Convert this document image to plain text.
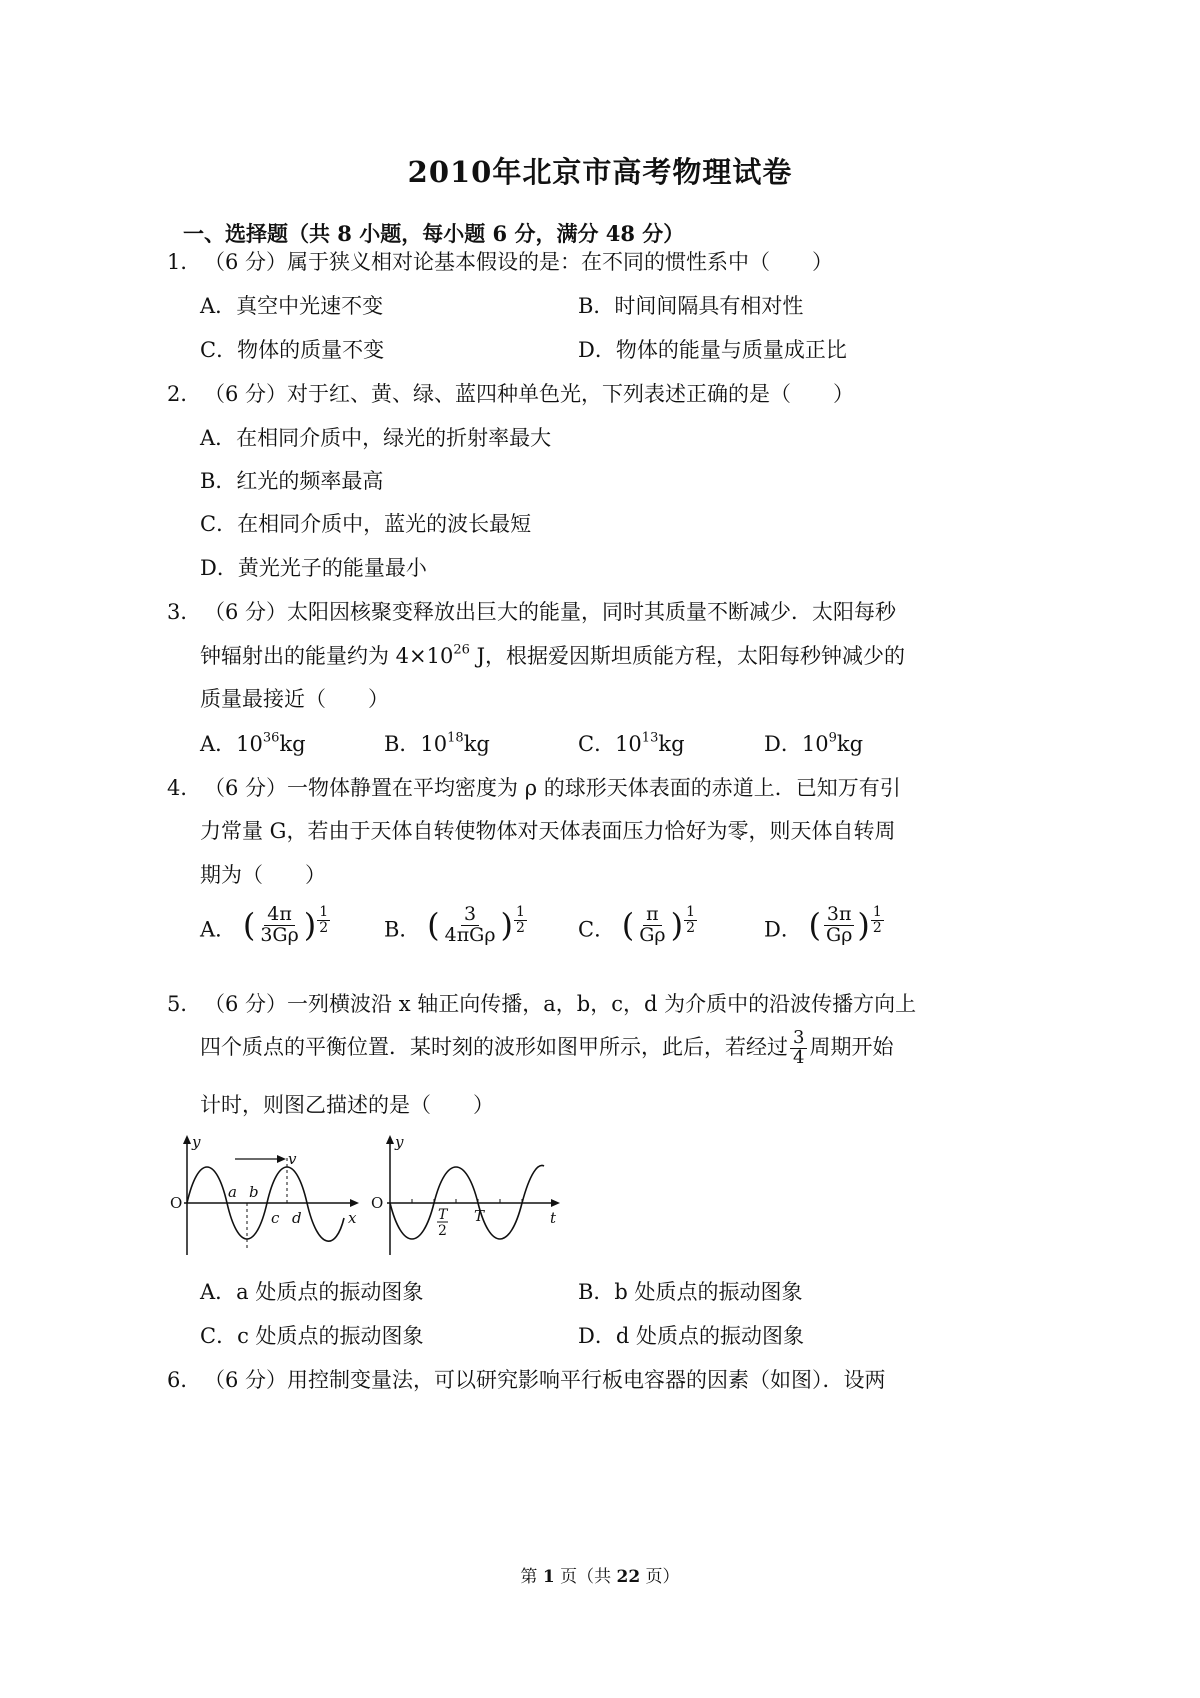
2010年北京市高考物理试卷
一、选择题（共 8 小题，每小题 6 分，满分 48 分）
1． （6 分）属于狭义相对论基本假设的是：在不同的惯性系中（　　）
A．真空中光速不变	B．时间间隔具有相对性
C．物体的质量不变	D．物体的能量与质量成正比
2． （6 分）对于红、黄、绿、蓝四种单色光，下列表述正确的是（　　）
A．在相同介质中，绿光的折射率最大
B．红光的频率最高
C．在相同介质中，蓝光的波长最短
D．黄光光子的能量最小
3． （6 分）太阳因核聚变释放出巨大的能量，同时其质量不断减少．太阳每秒
钟辐射出的能量约为 $4\times 10^{26}$ J，根据爱因斯坦质能方程，太阳每秒钟减少的
质量最接近（　　）
A．$10^{36}kg$	B．$10^{18}kg$	C．$10^{13}kg$	D．$10^9kg$
4． （6 分）一物体静置在平均密度为 ρ 的球形天体表面的赤道上．已知万有引
力常量 G，若由于天体自转使物体对天体表面压力恰好为零，则天体自转周
期为（　　）
A． ( $\frac{4\pi}{3G\rho}$ ) 1
2	B． ( $\frac{3}{\text{4πGρ}}$ ) 1
2	C． ( $\frac{\pi}{G\rho}$ ) 1
2	D． ( $\frac{3\pi}{G\rho}$ ) 1
2
5． （6 分）一列横波沿 x 轴正向传播，a，b，c，d 为介质中的沿波传播方向上
四个质点的平衡位置．某时刻的波形如图甲所示，此后，若经过 $\frac{3}{4}$ 周期开始
计时，则图乙描述的是（　　）
y
v
O
a b
c d	x
y
O
T
2
T	t
A．a 处质点的振动图象	B．b 处质点的振动图象
C．c 处质点的振动图象	D．d 处质点的振动图象
6． （6 分）用控制变量法，可以研究影响平行板电容器的因素（如图）．设两
第 1 页（共 22 页）
